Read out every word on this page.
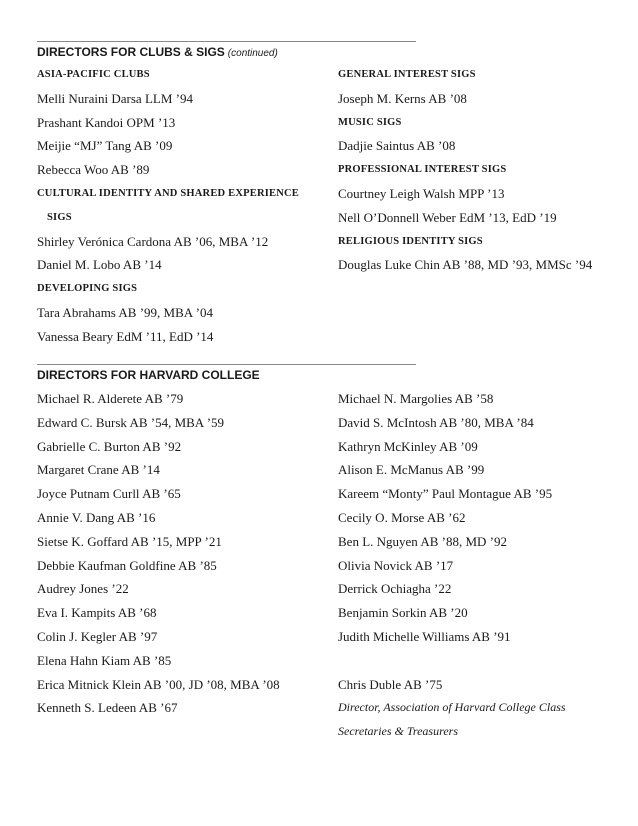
DIRECTORS FOR CLUBS & SIGS (continued)
ASIA-PACIFIC CLUBS
Melli Nuraini Darsa LLM ’94
Prashant Kandoi OPM ’13
Meijie “MJ” Tang AB ’09
Rebecca Woo AB ’89
CULTURAL IDENTITY AND SHARED EXPERIENCE
SIGS
Shirley Verónica Cardona AB ’06, MBA ’12
Daniel M. Lobo AB ’14
DEVELOPING SIGS
Tara Abrahams AB ’99, MBA ’04
Vanessa Beary EdM ’11, EdD ’14
GENERAL INTEREST SIGS
Joseph M. Kerns AB ’08
MUSIC SIGS
Dadjie Saintus AB ’08
PROFESSIONAL INTEREST SIGS
Courtney Leigh Walsh MPP ’13
Nell O’Donnell Weber EdM ’13, EdD ’19
RELIGIOUS IDENTITY SIGS
Douglas Luke Chin AB ’88, MD ’93, MMSc ’94
DIRECTORS FOR HARVARD COLLEGE
Michael R. Alderete AB ’79
Edward C. Bursk AB ’54, MBA ’59
Gabrielle C. Burton AB ’92
Margaret Crane AB ’14
Joyce Putnam Curll AB ’65
Annie V. Dang AB ’16
Sietse K. Goffard AB ’15, MPP ’21
Debbie Kaufman Goldfine AB ’85
Audrey Jones ’22
Eva I. Kampits AB ’68
Colin J. Kegler AB ’97
Elena Hahn Kiam AB ’85
Erica Mitnick Klein AB ’00, JD ’08, MBA ’08
Kenneth S. Ledeen AB ’67
Michael N. Margolies AB ’58
David S. McIntosh AB ’80, MBA ’84
Kathryn McKinley AB ’09
Alison E. McManus AB ’99
Kareem “Monty” Paul Montague AB ’95
Cecily O. Morse AB ’62
Ben L. Nguyen AB ’88, MD ’92
Olivia Novick AB ’17
Derrick Ochiagha ’22
Benjamin Sorkin AB ’20
Judith Michelle Williams AB ’91
Chris Duble AB ’75
Director, Association of Harvard College Class
Secretaries & Treasurers
